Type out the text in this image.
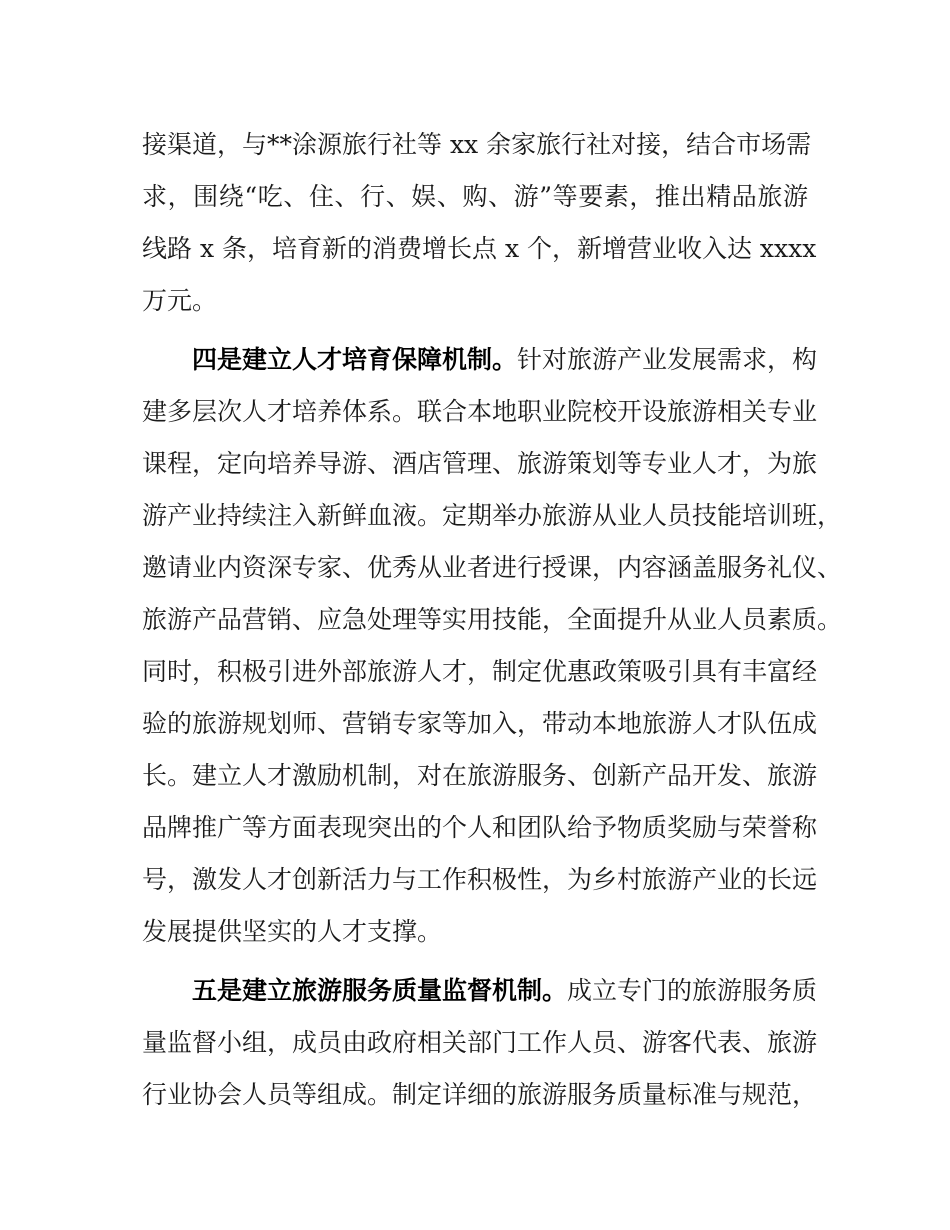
接渠道，与**涂源旅行社等 xx 余家旅行社对接，结合市场需
求，围绕“吃、住、行、娱、购、游”等要素，推出精品旅游
线路 x 条，培育新的消费增长点 x 个，新增营业收入达 xxxx
万元。
四是建立人才培育保障机制。针对旅游产业发展需求，构
建多层次人才培养体系。联合本地职业院校开设旅游相关专业
课程，定向培养导游、酒店管理、旅游策划等专业人才，为旅
游产业持续注入新鲜血液。定期举办旅游从业人员技能培训班，
邀请业内资深专家、优秀从业者进行授课，内容涵盖服务礼仪、
旅游产品营销、应急处理等实用技能，全面提升从业人员素质。
同时，积极引进外部旅游人才，制定优惠政策吸引具有丰富经
验的旅游规划师、营销专家等加入，带动本地旅游人才队伍成
长。建立人才激励机制，对在旅游服务、创新产品开发、旅游
品牌推广等方面表现突出的个人和团队给予物质奖励与荣誉称
号，激发人才创新活力与工作积极性，为乡村旅游产业的长远
发展提供坚实的人才支撑。
五是建立旅游服务质量监督机制。成立专门的旅游服务质
量监督小组，成员由政府相关部门工作人员、游客代表、旅游
行业协会人员等组成。制定详细的旅游服务质量标准与规范，
